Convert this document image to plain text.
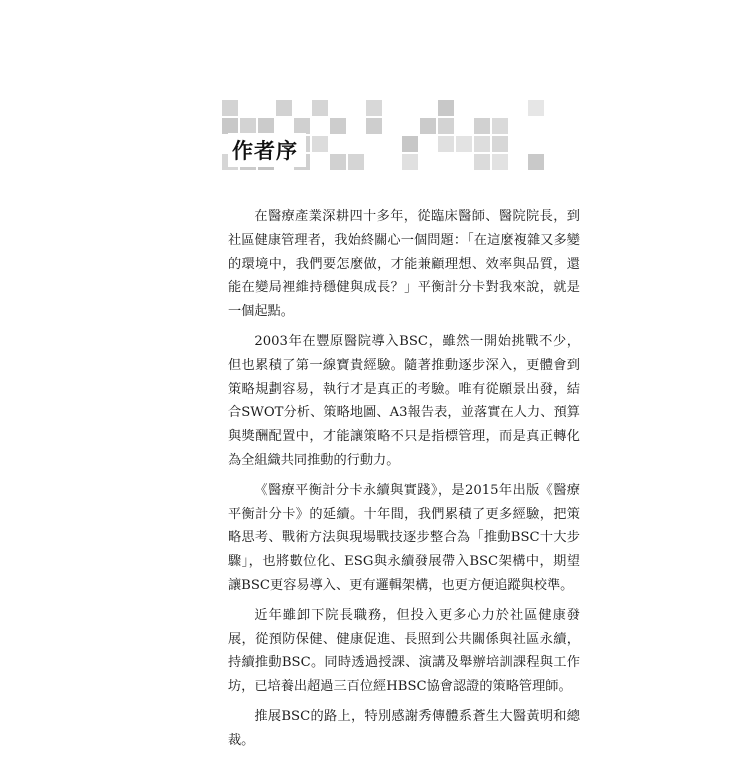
作者序

在醫療產業深耕四十多年，從臨床醫師、醫院院長，到社區健康管理者，我始終關心一個問題：「在這麼複雜又多變的環境中，我們要怎麼做，才能兼顧理想、效率與品質，還能在變局裡維持穩健與成長？」平衡計分卡對我來說，就是一個起點。

2003年在豐原醫院導入BSC，雖然一開始挑戰不少，但也累積了第一線寶貴經驗。隨著推動逐步深入，更體會到策略規劃容易，執行才是真正的考驗。唯有從願景出發，結合SWOT分析、策略地圖、A3報告表，並落實在人力、預算與獎酬配置中，才能讓策略不只是指標管理，而是真正轉化為全組織共同推動的行動力。

《醫療平衡計分卡永續與實踐》，是2015年出版《醫療平衡計分卡》的延續。十年間，我們累積了更多經驗，把策略思考、戰術方法與現場戰技逐步整合為「推動BSC十大步驟」，也將數位化、ESG與永續發展帶入BSC架構中，期望讓BSC更容易導入、更有邏輯架構，也更方便追蹤與校準。

近年雖卸下院長職務，但投入更多心力於社區健康發展，從預防保健、健康促進、長照到公共關係與社區永續，持續推動BSC。同時透過授課、演講及舉辦培訓課程與工作坊，已培養出超過三百位經HBSC協會認證的策略管理師。

推展BSC的路上，特別感謝秀傳體系蒼生大醫黃明和總裁。
